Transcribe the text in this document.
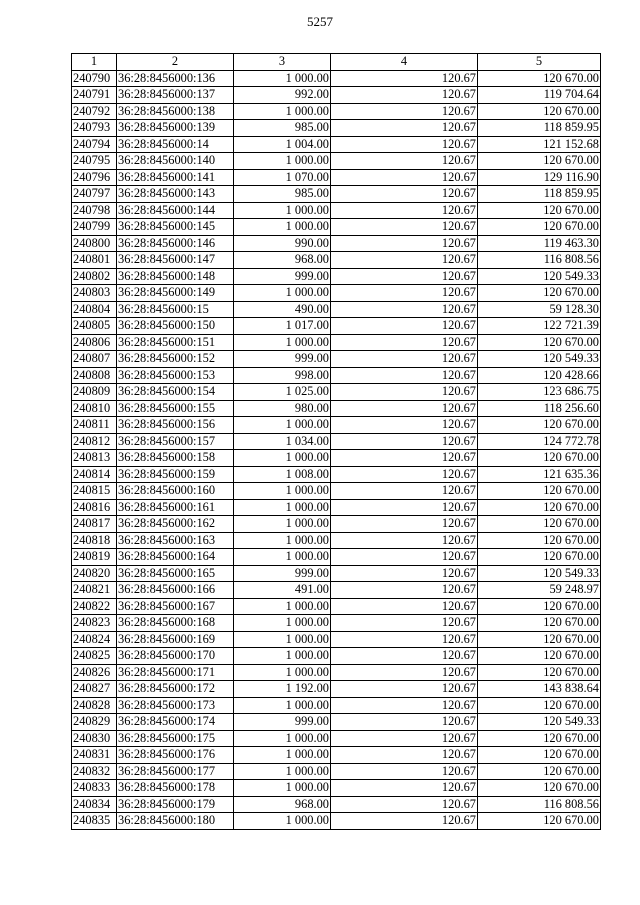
5257
1	2	3	4	5
240790	36:28:8456000:136	1 000.00	120.67	120 670.00
240791	36:28:8456000:137	992.00	120.67	119 704.64
240792	36:28:8456000:138	1 000.00	120.67	120 670.00
240793	36:28:8456000:139	985.00	120.67	118 859.95
240794	36:28:8456000:14	1 004.00	120.67	121 152.68
240795	36:28:8456000:140	1 000.00	120.67	120 670.00
240796	36:28:8456000:141	1 070.00	120.67	129 116.90
240797	36:28:8456000:143	985.00	120.67	118 859.95
240798	36:28:8456000:144	1 000.00	120.67	120 670.00
240799	36:28:8456000:145	1 000.00	120.67	120 670.00
240800	36:28:8456000:146	990.00	120.67	119 463.30
240801	36:28:8456000:147	968.00	120.67	116 808.56
240802	36:28:8456000:148	999.00	120.67	120 549.33
240803	36:28:8456000:149	1 000.00	120.67	120 670.00
240804	36:28:8456000:15	490.00	120.67	59 128.30
240805	36:28:8456000:150	1 017.00	120.67	122 721.39
240806	36:28:8456000:151	1 000.00	120.67	120 670.00
240807	36:28:8456000:152	999.00	120.67	120 549.33
240808	36:28:8456000:153	998.00	120.67	120 428.66
240809	36:28:8456000:154	1 025.00	120.67	123 686.75
240810	36:28:8456000:155	980.00	120.67	118 256.60
240811	36:28:8456000:156	1 000.00	120.67	120 670.00
240812	36:28:8456000:157	1 034.00	120.67	124 772.78
240813	36:28:8456000:158	1 000.00	120.67	120 670.00
240814	36:28:8456000:159	1 008.00	120.67	121 635.36
240815	36:28:8456000:160	1 000.00	120.67	120 670.00
240816	36:28:8456000:161	1 000.00	120.67	120 670.00
240817	36:28:8456000:162	1 000.00	120.67	120 670.00
240818	36:28:8456000:163	1 000.00	120.67	120 670.00
240819	36:28:8456000:164	1 000.00	120.67	120 670.00
240820	36:28:8456000:165	999.00	120.67	120 549.33
240821	36:28:8456000:166	491.00	120.67	59 248.97
240822	36:28:8456000:167	1 000.00	120.67	120 670.00
240823	36:28:8456000:168	1 000.00	120.67	120 670.00
240824	36:28:8456000:169	1 000.00	120.67	120 670.00
240825	36:28:8456000:170	1 000.00	120.67	120 670.00
240826	36:28:8456000:171	1 000.00	120.67	120 670.00
240827	36:28:8456000:172	1 192.00	120.67	143 838.64
240828	36:28:8456000:173	1 000.00	120.67	120 670.00
240829	36:28:8456000:174	999.00	120.67	120 549.33
240830	36:28:8456000:175	1 000.00	120.67	120 670.00
240831	36:28:8456000:176	1 000.00	120.67	120 670.00
240832	36:28:8456000:177	1 000.00	120.67	120 670.00
240833	36:28:8456000:178	1 000.00	120.67	120 670.00
240834	36:28:8456000:179	968.00	120.67	116 808.56
240835	36:28:8456000:180	1 000.00	120.67	120 670.00
